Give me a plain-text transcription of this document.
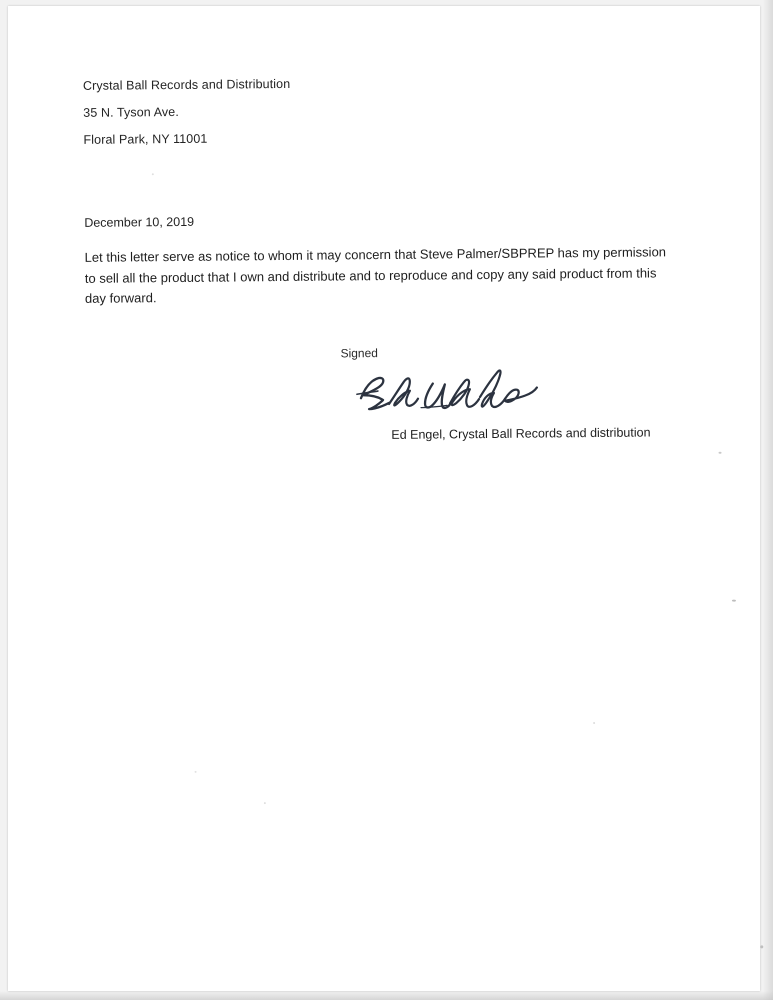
Crystal Ball Records and Distribution
35 N. Tyson Ave.
Floral Park, NY 11001
December 10, 2019
Let this letter serve as notice to whom it may concern that Steve Palmer/SBPREP has my permission to sell all the product that I own and distribute and to reproduce and copy any said product from this day forward.
Signed
Ed Engel, Crystal Ball Records and distribution
